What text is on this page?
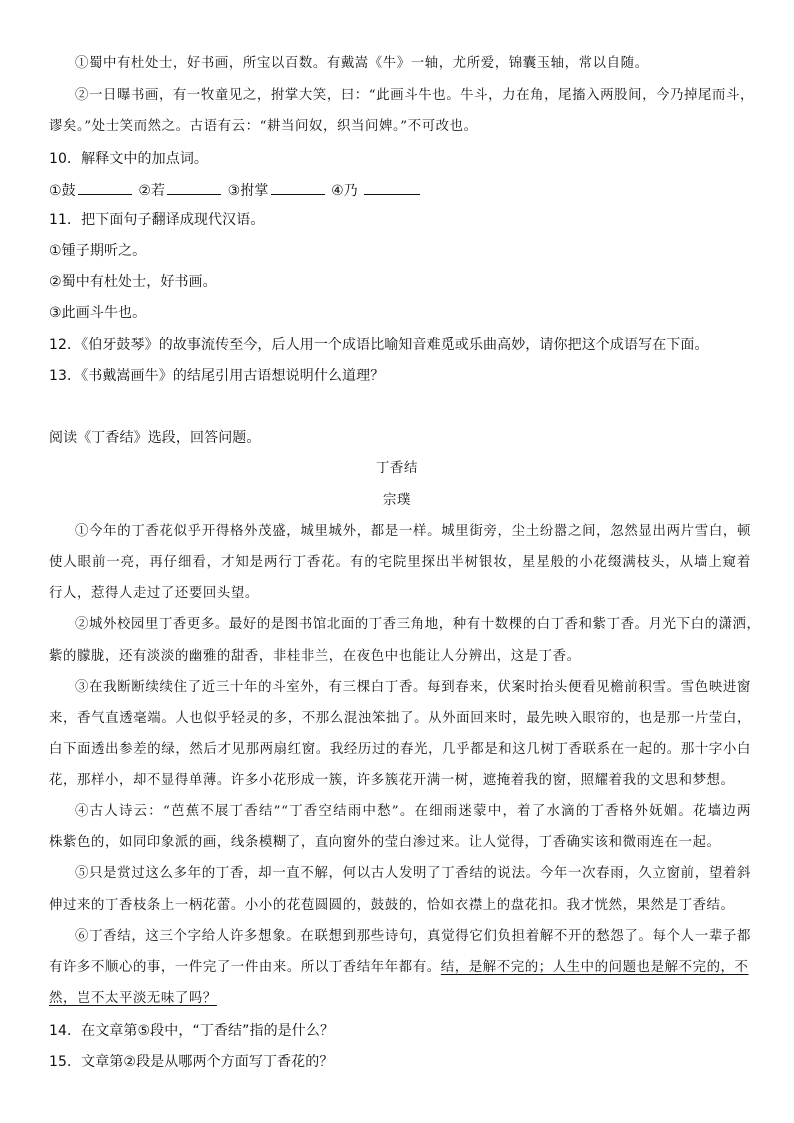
①蜀中有杜处士，好书画，所宝以百数。有戴嵩《牛》一轴，尤所爱，锦囊玉轴，常以自随。
②一日曝书画，有一牧童见之，拊掌大笑，曰：“此画斗牛也。牛斗，力在角，尾搐入两股间，今乃掉尾而斗，
谬矣。”处士笑而然之。古语有云：“耕当问奴，织当问婢。”不可改也。
10．解释文中的加点词。
①鼓	②若	③拊掌	④乃
11．把下面句子翻译成现代汉语。
①锺子期听之。
②蜀中有杜处士，好书画。
③此画斗牛也。
12．《伯牙鼓琴》的故事流传至今，后人用一个成语比喻知音难觅或乐曲高妙，请你把这个成语写在下面。
13．《书戴嵩画牛》的结尾引用古语想说明什么道理？
阅读《丁香结》选段，回答问题。
丁香结
宗璞
①今年的丁香花似乎开得格外茂盛，城里城外，都是一样。城里街旁，尘土纷嚣之间，忽然显出两片雪白，顿
使人眼前一亮，再仔细看，才知是两行丁香花。有的宅院里探出半树银妆，星星般的小花缀满枝头，从墙上窥着
行人，惹得人走过了还要回头望。
②城外校园里丁香更多。最好的是图书馆北面的丁香三角地，种有十数棵的白丁香和紫丁香。月光下白的潇洒，
紫的朦胧，还有淡淡的幽雅的甜香，非桂非兰，在夜色中也能让人分辨出，这是丁香。
③在我断断续续住了近三十年的斗室外，有三棵白丁香。每到春来，伏案时抬头便看见檐前积雪。雪色映进窗
来，香气直透毫端。人也似乎轻灵的多，不那么混浊笨拙了。从外面回来时，最先映入眼帘的，也是那一片莹白，
白下面透出参差的绿，然后才见那两扇红窗。我经历过的春光，几乎都是和这几树丁香联系在一起的。那十字小白
花，那样小，却不显得单薄。许多小花形成一簇，许多簇花开满一树，遮掩着我的窗，照耀着我的文思和梦想。
④古人诗云：“芭蕉不展丁香结”“丁香空结雨中愁”。在细雨迷蒙中，着了水滴的丁香格外妩媚。花墙边两
株紫色的，如同印象派的画，线条模糊了，直向窗外的莹白渗过来。让人觉得，丁香确实该和微雨连在一起。
⑤只是赏过这么多年的丁香，却一直不解，何以古人发明了丁香结的说法。今年一次春雨，久立窗前，望着斜
伸过来的丁香枝条上一柄花蕾。小小的花苞圆圆的，鼓鼓的，恰如衣襟上的盘花扣。我才恍然，果然是丁香结。
⑥丁香结，这三个字给人许多想象。在联想到那些诗句，真觉得它们负担着解不开的愁怨了。每个人一辈子都
有许多不顺心的事，一件完了一件由来。所以丁香结年年都有。结，是解不完的；人生中的问题也是解不完的，不
然，岂不太平淡无味了吗？
14．在文章第⑤段中，“丁香结”指的是什么？
15．文章第②段是从哪两个方面写丁香花的？
